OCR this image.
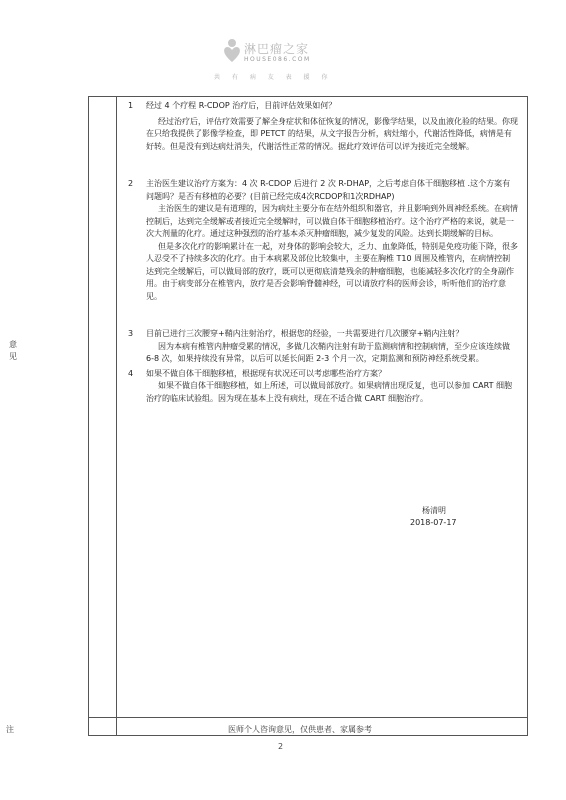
淋巴瘤之家
HOUSE086.COM
共 有 病 友 表 援 你
意见
注	医师个人咨询意见，仅供患者、家属参考
1 经过 4 个疗程 R-CDOP 治疗后，目前评估效果如何？
经过治疗后，评估疗效需要了解全身症状和体征恢复的情况，影像学结果，以及血液化验的结果。你现在只给我提供了影像学检查，即 PETCT 的结果，从文字报告分析，病灶缩小，代谢活性降低，病情是有好转。但是没有到达病灶消失，代谢活性正常的情况。据此疗效评估可以评为接近完全缓解。
2 主治医生建议治疗方案为：4 次 R-CDOP 后进行 2 次 R-DHAP，之后考虑自体干细胞移植 .这个方案有问题吗？是否有移植的必要？(目前已经完成4次RCDOP和1次RDHAP)
主治医生的建议是有道理的，因为病灶主要分布在结外组织和器官，并且影响到外周神经系统。在病情控制后，达到完全缓解或者接近完全缓解时，可以做自体干细胞移植治疗。这个治疗严格的来说，就是一次大剂量的化疗。通过这种强烈的治疗基本杀灭肿瘤细胞，减少复发的风险。达到长期缓解的目标。
但是多次化疗的影响累计在一起，对身体的影响会较大，乏力、血象降低，特别是免疫功能下降，很多人忍受不了持续多次的化疗。由于本病累及部位比较集中，主要在胸椎 T10 周围及椎管内，在病情控制达到完全缓解后，可以做局部的放疗，既可以更彻底清楚残余的肿瘤细胞，也能减轻多次化疗的全身副作用。由于病变部分在椎管内，放疗是否会影响脊髓神经，可以请放疗科的医师会诊，听听他们的治疗意见。
3 目前已进行三次腰穿+鞘内注射治疗，根据您的经验，一共需要进行几次腰穿+鞘内注射？
因为本病有椎管内肿瘤受累的情况，多做几次鞘内注射有助于监测病情和控制病情，至少应该连续做 6-8 次，如果持续没有异常，以后可以延长间距 2-3 个月一次，定期监测和预防神经系统受累。
4 如果不做自体干细胞移植，根据现有状况还可以考虑哪些治疗方案？
如果不做自体干细胞移植，如上所述，可以做局部放疗。如果病情出现反复，也可以参加 CART 细胞治疗的临床试验组。因为现在基本上没有病灶，现在不适合做 CART 细胞治疗。
杨清明
2018-07-17
2
